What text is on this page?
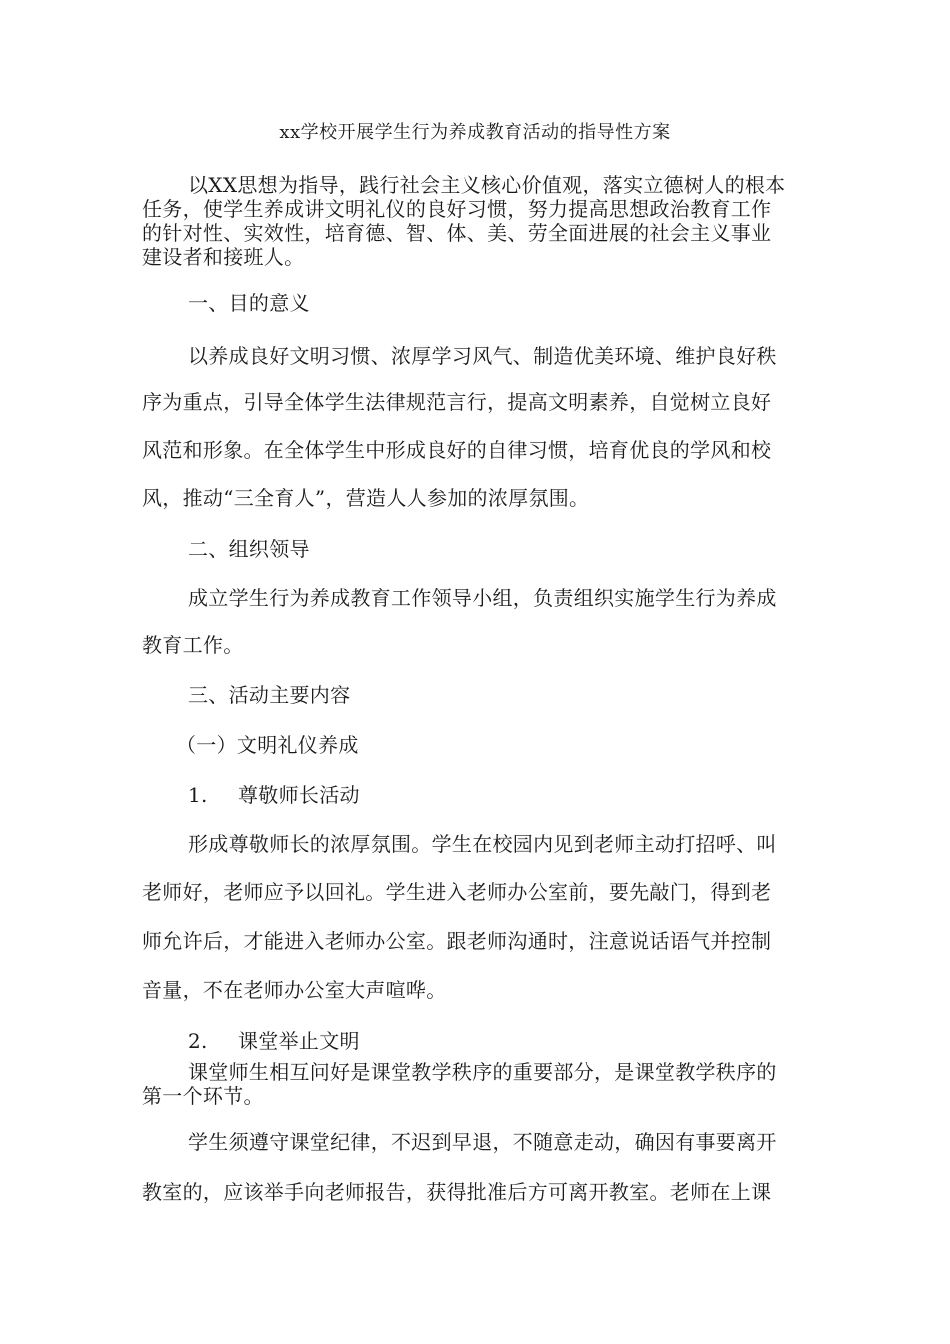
xx学校开展学生行为养成教育活动的指导性方案
以XX思想为指导，践行社会主义核心价值观，落实立德树人的根本
任务，使学生养成讲文明礼仪的良好习惯，努力提高思想政治教育工作
的针对性、实效性，培育德、智、体、美、劳全面进展的社会主义事业
建设者和接班人。
一、目的意义
以养成良好文明习惯、浓厚学习风气、制造优美环境、维护良好秩
序为重点，引导全体学生法律规范言行，提高文明素养，自觉树立良好
风范和形象。在全体学生中形成良好的自律习惯，培育优良的学风和校
风，推动“三全育人”，营造人人参加的浓厚氛围。
二、组织领导
成立学生行为养成教育工作领导小组，负责组织实施学生行为养成
教育工作。
三、活动主要内容
（一）文明礼仪养成
1. 尊敬师长活动
形成尊敬师长的浓厚氛围。学生在校园内见到老师主动打招呼、叫
老师好，老师应予以回礼。学生进入老师办公室前，要先敲门，得到老
师允许后，才能进入老师办公室。跟老师沟通时，注意说话语气并控制
音量，不在老师办公室大声喧哗。
2. 课堂举止文明
课堂师生相互问好是课堂教学秩序的重要部分，是课堂教学秩序的
第一个环节。
学生须遵守课堂纪律，不迟到早退，不随意走动，确因有事要离开
教室的，应该举手向老师报告，获得批准后方可离开教室。老师在上课
